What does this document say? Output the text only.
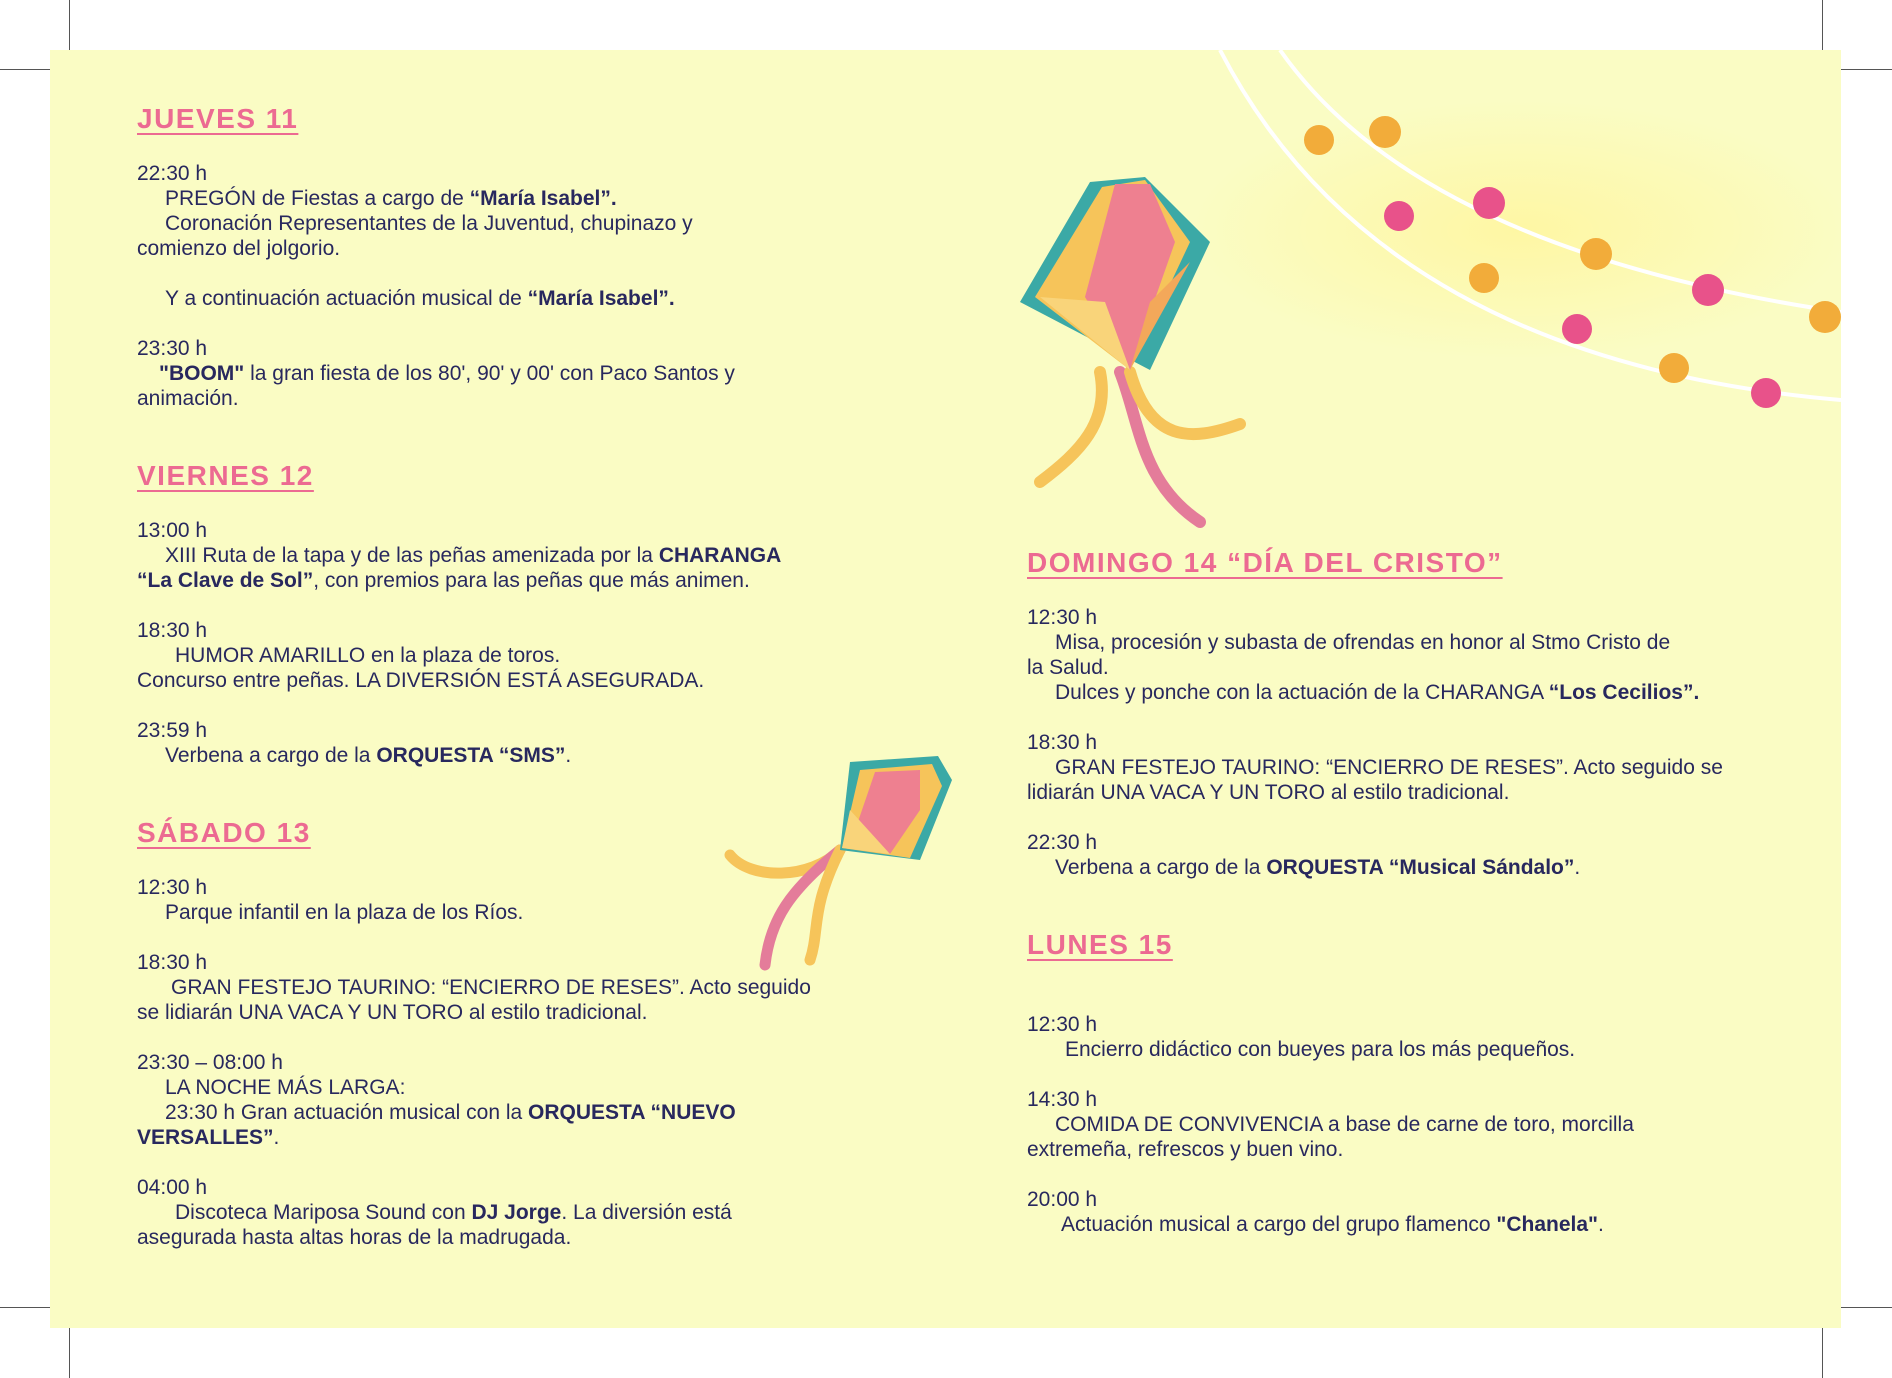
JUEVES 11
22:30 h
PREGÓN de Fiestas a cargo de “María Isabel”.
Coronación Representantes de la Juventud, chupinazo y
comienzo del jolgorio.
Y a continuación actuación musical de “María Isabel”.
23:30 h
"BOOM" la gran fiesta de los 80', 90' y 00' con Paco Santos y
animación.
VIERNES 12
13:00 h
XIII Ruta de la tapa y de las peñas amenizada por la CHARANGA
“La Clave de Sol”, con premios para las peñas que más animen.
18:30 h
HUMOR AMARILLO en la plaza de toros.
Concurso entre peñas. LA DIVERSIÓN ESTÁ ASEGURADA.
23:59 h
Verbena a cargo de la ORQUESTA “SMS”.
SÁBADO 13
12:30 h
Parque infantil en la plaza de los Ríos.
18:30 h
GRAN FESTEJO TAURINO: “ENCIERRO DE RESES”. Acto seguido
se lidiarán UNA VACA Y UN TORO al estilo tradicional.
23:30 – 08:00 h
LA NOCHE MÁS LARGA:
23:30 h Gran actuación musical con la ORQUESTA “NUEVO
VERSALLES”.
04:00 h
Discoteca Mariposa Sound con DJ Jorge. La diversión está
asegurada hasta altas horas de la madrugada.
DOMINGO 14 “DÍA DEL CRISTO”
12:30 h
Misa, procesión y subasta de ofrendas en honor al Stmo Cristo de
la Salud.
Dulces y ponche con la actuación de la CHARANGA “Los Cecilios”.
18:30 h
GRAN FESTEJO TAURINO: “ENCIERRO DE RESES”. Acto seguido se
lidiarán UNA VACA Y UN TORO al estilo tradicional.
22:30 h
Verbena a cargo de la ORQUESTA “Musical Sándalo”.
LUNES 15
12:30 h
Encierro didáctico con bueyes para los más pequeños.
14:30 h
COMIDA DE CONVIVENCIA a base de carne de toro, morcilla
extremeña, refrescos y buen vino.
20:00 h
Actuación musical a cargo del grupo flamenco "Chanela".
